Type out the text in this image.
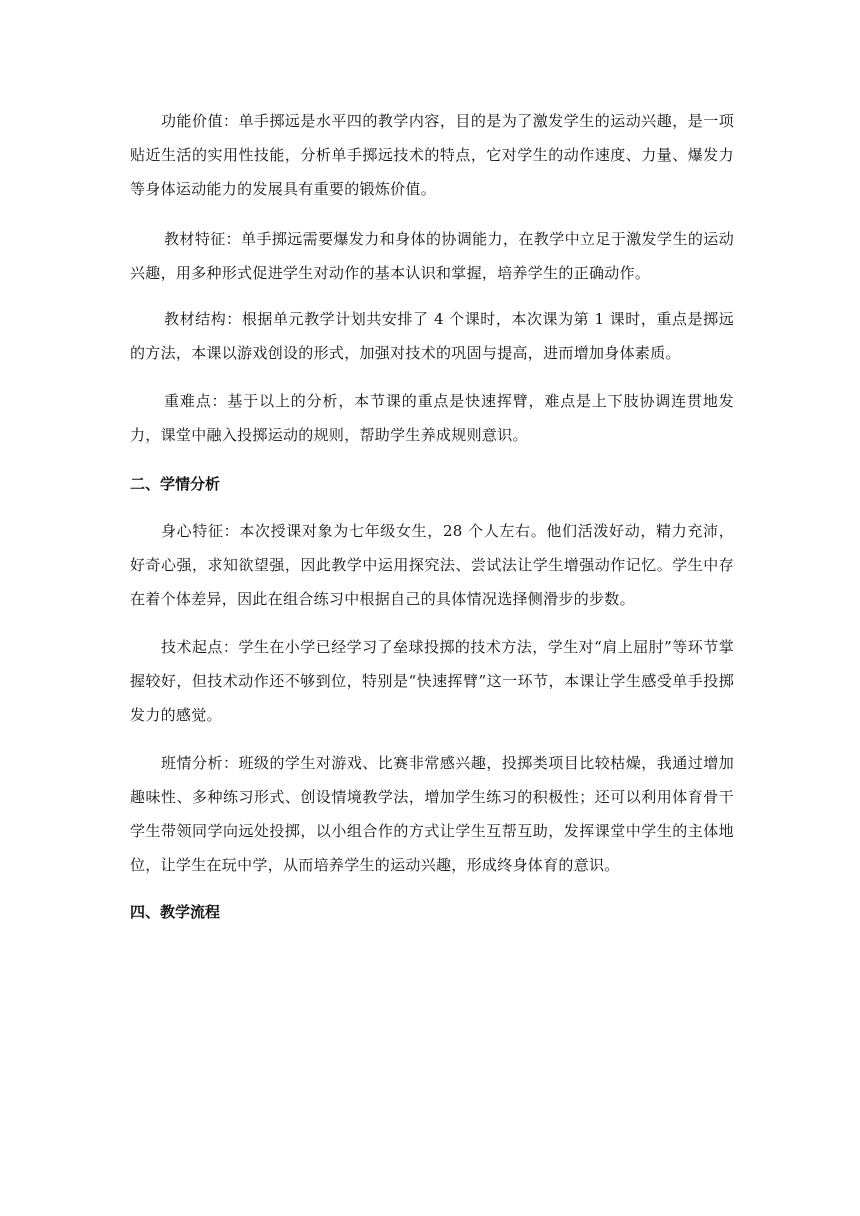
功能价值：单手掷远是水平四的教学内容，目的是为了激发学生的运动兴趣，是一项贴近生活的实用性技能，分析单手掷远技术的特点，它对学生的动作速度、力量、爆发力等身体运动能力的发展具有重要的锻炼价值。

教材特征：单手掷远需要爆发力和身体的协调能力，在教学中立足于激发学生的运动兴趣，用多种形式促进学生对动作的基本认识和掌握，培养学生的正确动作。

教材结构：根据单元教学计划共安排了 4 个课时，本次课为第 1 课时，重点是掷远的方法，本课以游戏创设的形式，加强对技术的巩固与提高，进而增加身体素质。

重难点：基于以上的分析，本节课的重点是快速挥臂，难点是上下肢协调连贯地发力，课堂中融入投掷运动的规则，帮助学生养成规则意识。

二、学情分析

身心特征：本次授课对象为七年级女生，28 个人左右。他们活泼好动，精力充沛，好奇心强，求知欲望强，因此教学中运用探究法、尝试法让学生增强动作记忆。学生中存在着个体差异，因此在组合练习中根据自己的具体情况选择侧滑步的步数。

技术起点：学生在小学已经学习了垒球投掷的技术方法，学生对“肩上屈肘”等环节掌握较好，但技术动作还不够到位，特别是“快速挥臂”这一环节，本课让学生感受单手投掷发力的感觉。

班情分析：班级的学生对游戏、比赛非常感兴趣，投掷类项目比较枯燥，我通过增加趣味性、多种练习形式、创设情境教学法，增加学生练习的积极性；还可以利用体育骨干学生带领同学向远处投掷，以小组合作的方式让学生互帮互助，发挥课堂中学生的主体地位，让学生在玩中学，从而培养学生的运动兴趣，形成终身体育的意识。

四、教学流程
